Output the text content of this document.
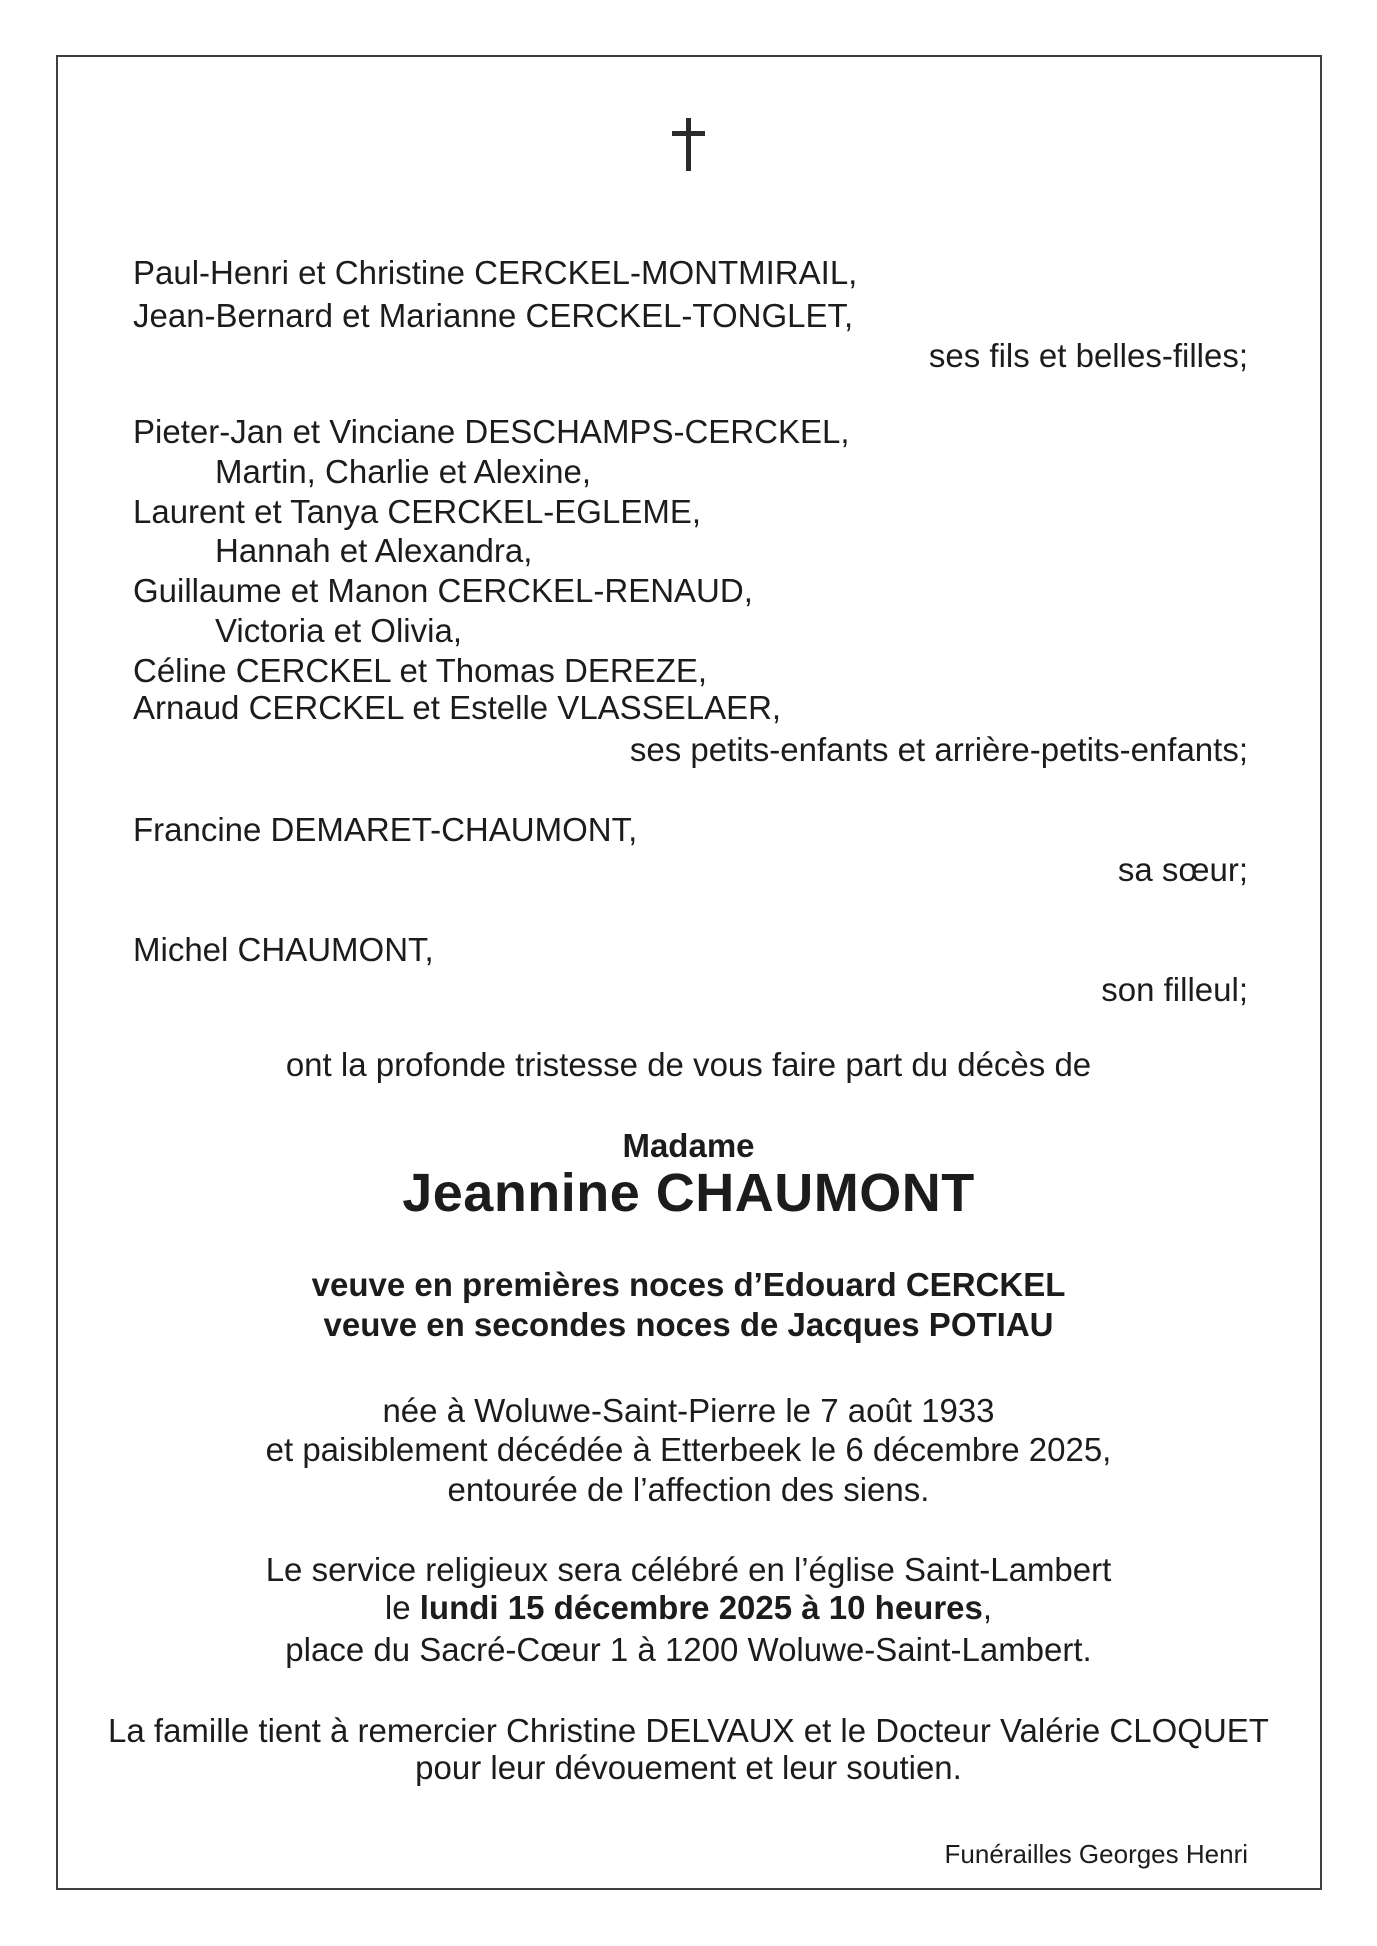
Paul-Henri et Christine CERCKEL-MONTMIRAIL,
Jean-Bernard et Marianne CERCKEL-TONGLET,
ses fils et belles-filles;
Pieter-Jan et Vinciane DESCHAMPS-CERCKEL,
Martin, Charlie et Alexine,
Laurent et Tanya CERCKEL-EGLEME,
Hannah et Alexandra,
Guillaume et Manon CERCKEL-RENAUD,
Victoria et Olivia,
Céline CERCKEL et Thomas DEREZE,
Arnaud CERCKEL et Estelle VLASSELAER,
ses petits-enfants et arrière-petits-enfants;
Francine DEMARET-CHAUMONT,
sa sœur;
Michel CHAUMONT,
son filleul;
ont la profonde tristesse de vous faire part du décès de
Madame
Jeannine CHAUMONT
veuve en premières noces d’Edouard CERCKEL
veuve en secondes noces de Jacques POTIAU
née à Woluwe-Saint-Pierre le 7 août 1933
et paisiblement décédée à Etterbeek le 6 décembre 2025,
entourée de l’affection des siens.
Le service religieux sera célébré en l’église Saint-Lambert
le lundi 15 décembre 2025 à 10 heures,
place du Sacré-Cœur 1 à 1200 Woluwe-Saint-Lambert.
La famille tient à remercier Christine DELVAUX et le Docteur Valérie CLOQUET
pour leur dévouement et leur soutien.
Funérailles Georges Henri
